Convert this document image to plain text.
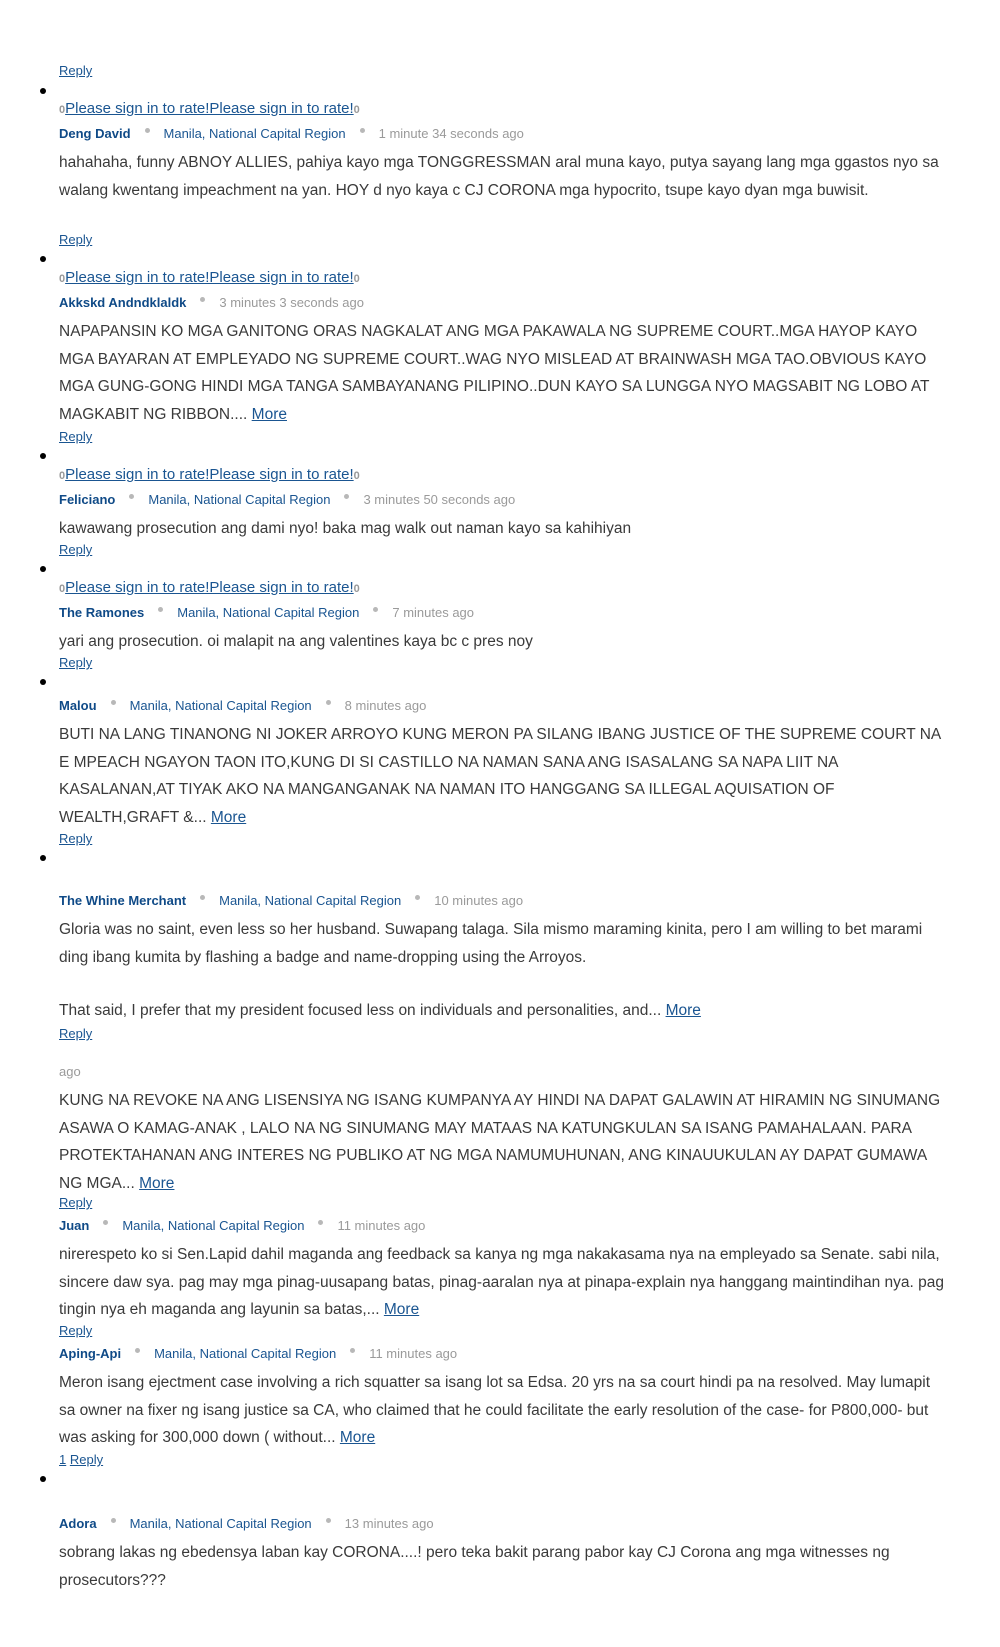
Reply
0Please sign in to rate!Please sign in to rate!0
Deng David	Manila, National Capital Region	1 minute 34 seconds ago
hahahaha, funny ABNOY ALLIES, pahiya kayo mga TONGGRESSMAN aral muna kayo, putya sayang lang mga ggastos nyo sa walang kwentang impeachment na yan. HOY d nyo kaya c CJ CORONA mga hypocrito, tsupe kayo dyan mga buwisit.
Reply
0Please sign in to rate!Please sign in to rate!0
Akkskd Andndklaldk	3 minutes 3 seconds ago
NAPAPANSIN KO MGA GANITONG ORAS NAGKALAT ANG MGA PAKAWALA NG SUPREME COURT..MGA HAYOP KAYO MGA BAYARAN AT EMPLEYADO NG SUPREME COURT..WAG NYO MISLEAD AT BRAINWASH MGA TAO.OBVIOUS KAYO MGA GUNG-GONG HINDI MGA TANGA SAMBAYANANG PILIPINO..DUN KAYO SA LUNGGA NYO MAGSABIT NG LOBO AT MAGKABIT NG RIBBON.... More
Reply
0Please sign in to rate!Please sign in to rate!0
Feliciano	Manila, National Capital Region	3 minutes 50 seconds ago
kawawang prosecution ang dami nyo! baka mag walk out naman kayo sa kahihiyan
Reply
0Please sign in to rate!Please sign in to rate!0
The Ramones	Manila, National Capital Region	7 minutes ago
yari ang prosecution. oi malapit na ang valentines kaya bc c pres noy
Reply
Malou	Manila, National Capital Region	8 minutes ago
BUTI NA LANG TINANONG NI JOKER ARROYO KUNG MERON PA SILANG IBANG JUSTICE OF THE SUPREME COURT NA E MPEACH NGAYON TAON ITO,KUNG DI SI CASTILLO NA NAMAN SANA ANG ISASALANG SA NAPA LIIT NA KASALANAN,AT TIYAK AKO NA MANGANGANAK NA NAMAN ITO HANGGANG SA ILLEGAL AQUISATION OF WEALTH,GRAFT &... More
Reply
The Whine Merchant	Manila, National Capital Region	10 minutes ago
Gloria was no saint, even less so her husband. Suwapang talaga. Sila mismo maraming kinita, pero I am willing to bet marami ding ibang kumita by flashing a badge and name-dropping using the Arroyos.
That said, I prefer that my president focused less on individuals and personalities, and... More
Reply
ago
KUNG NA REVOKE NA ANG LISENSIYA NG ISANG KUMPANYA AY HINDI NA DAPAT GALAWIN AT HIRAMIN NG SINUMANG ASAWA O KAMAG-ANAK , LALO NA NG SINUMANG MAY MATAAS NA KATUNGKULAN SA ISANG PAMAHALAAN. PARA PROTEKTAHANAN ANG INTERES NG PUBLIKO AT NG MGA NAMUMUHUNAN, ANG KINAUUKULAN AY DAPAT GUMAWA NG MGA... More
Reply
Juan	Manila, National Capital Region	11 minutes ago
nirerespeto ko si Sen.Lapid dahil maganda ang feedback sa kanya ng mga nakakasama nya na empleyado sa Senate. sabi nila, sincere daw sya. pag may mga pinag-uusapang batas, pinag-aaralan nya at pinapa-explain nya hanggang maintindihan nya. pag tingin nya eh maganda ang layunin sa batas,... More
Reply
Aping-Api	Manila, National Capital Region	11 minutes ago
Meron isang ejectment case involving a rich squatter sa isang lot sa Edsa. 20 yrs na sa court hindi pa na resolved. May lumapit sa owner na fixer ng isang justice sa CA, who claimed that he could facilitate the early resolution of the case- for P800,000- but was asking for 300,000 down ( without... More
1 Reply
Adora	Manila, National Capital Region	13 minutes ago
sobrang lakas ng ebedensya laban kay CORONA....! pero teka bakit parang pabor kay CJ Corona ang mga witnesses ng prosecutors???
